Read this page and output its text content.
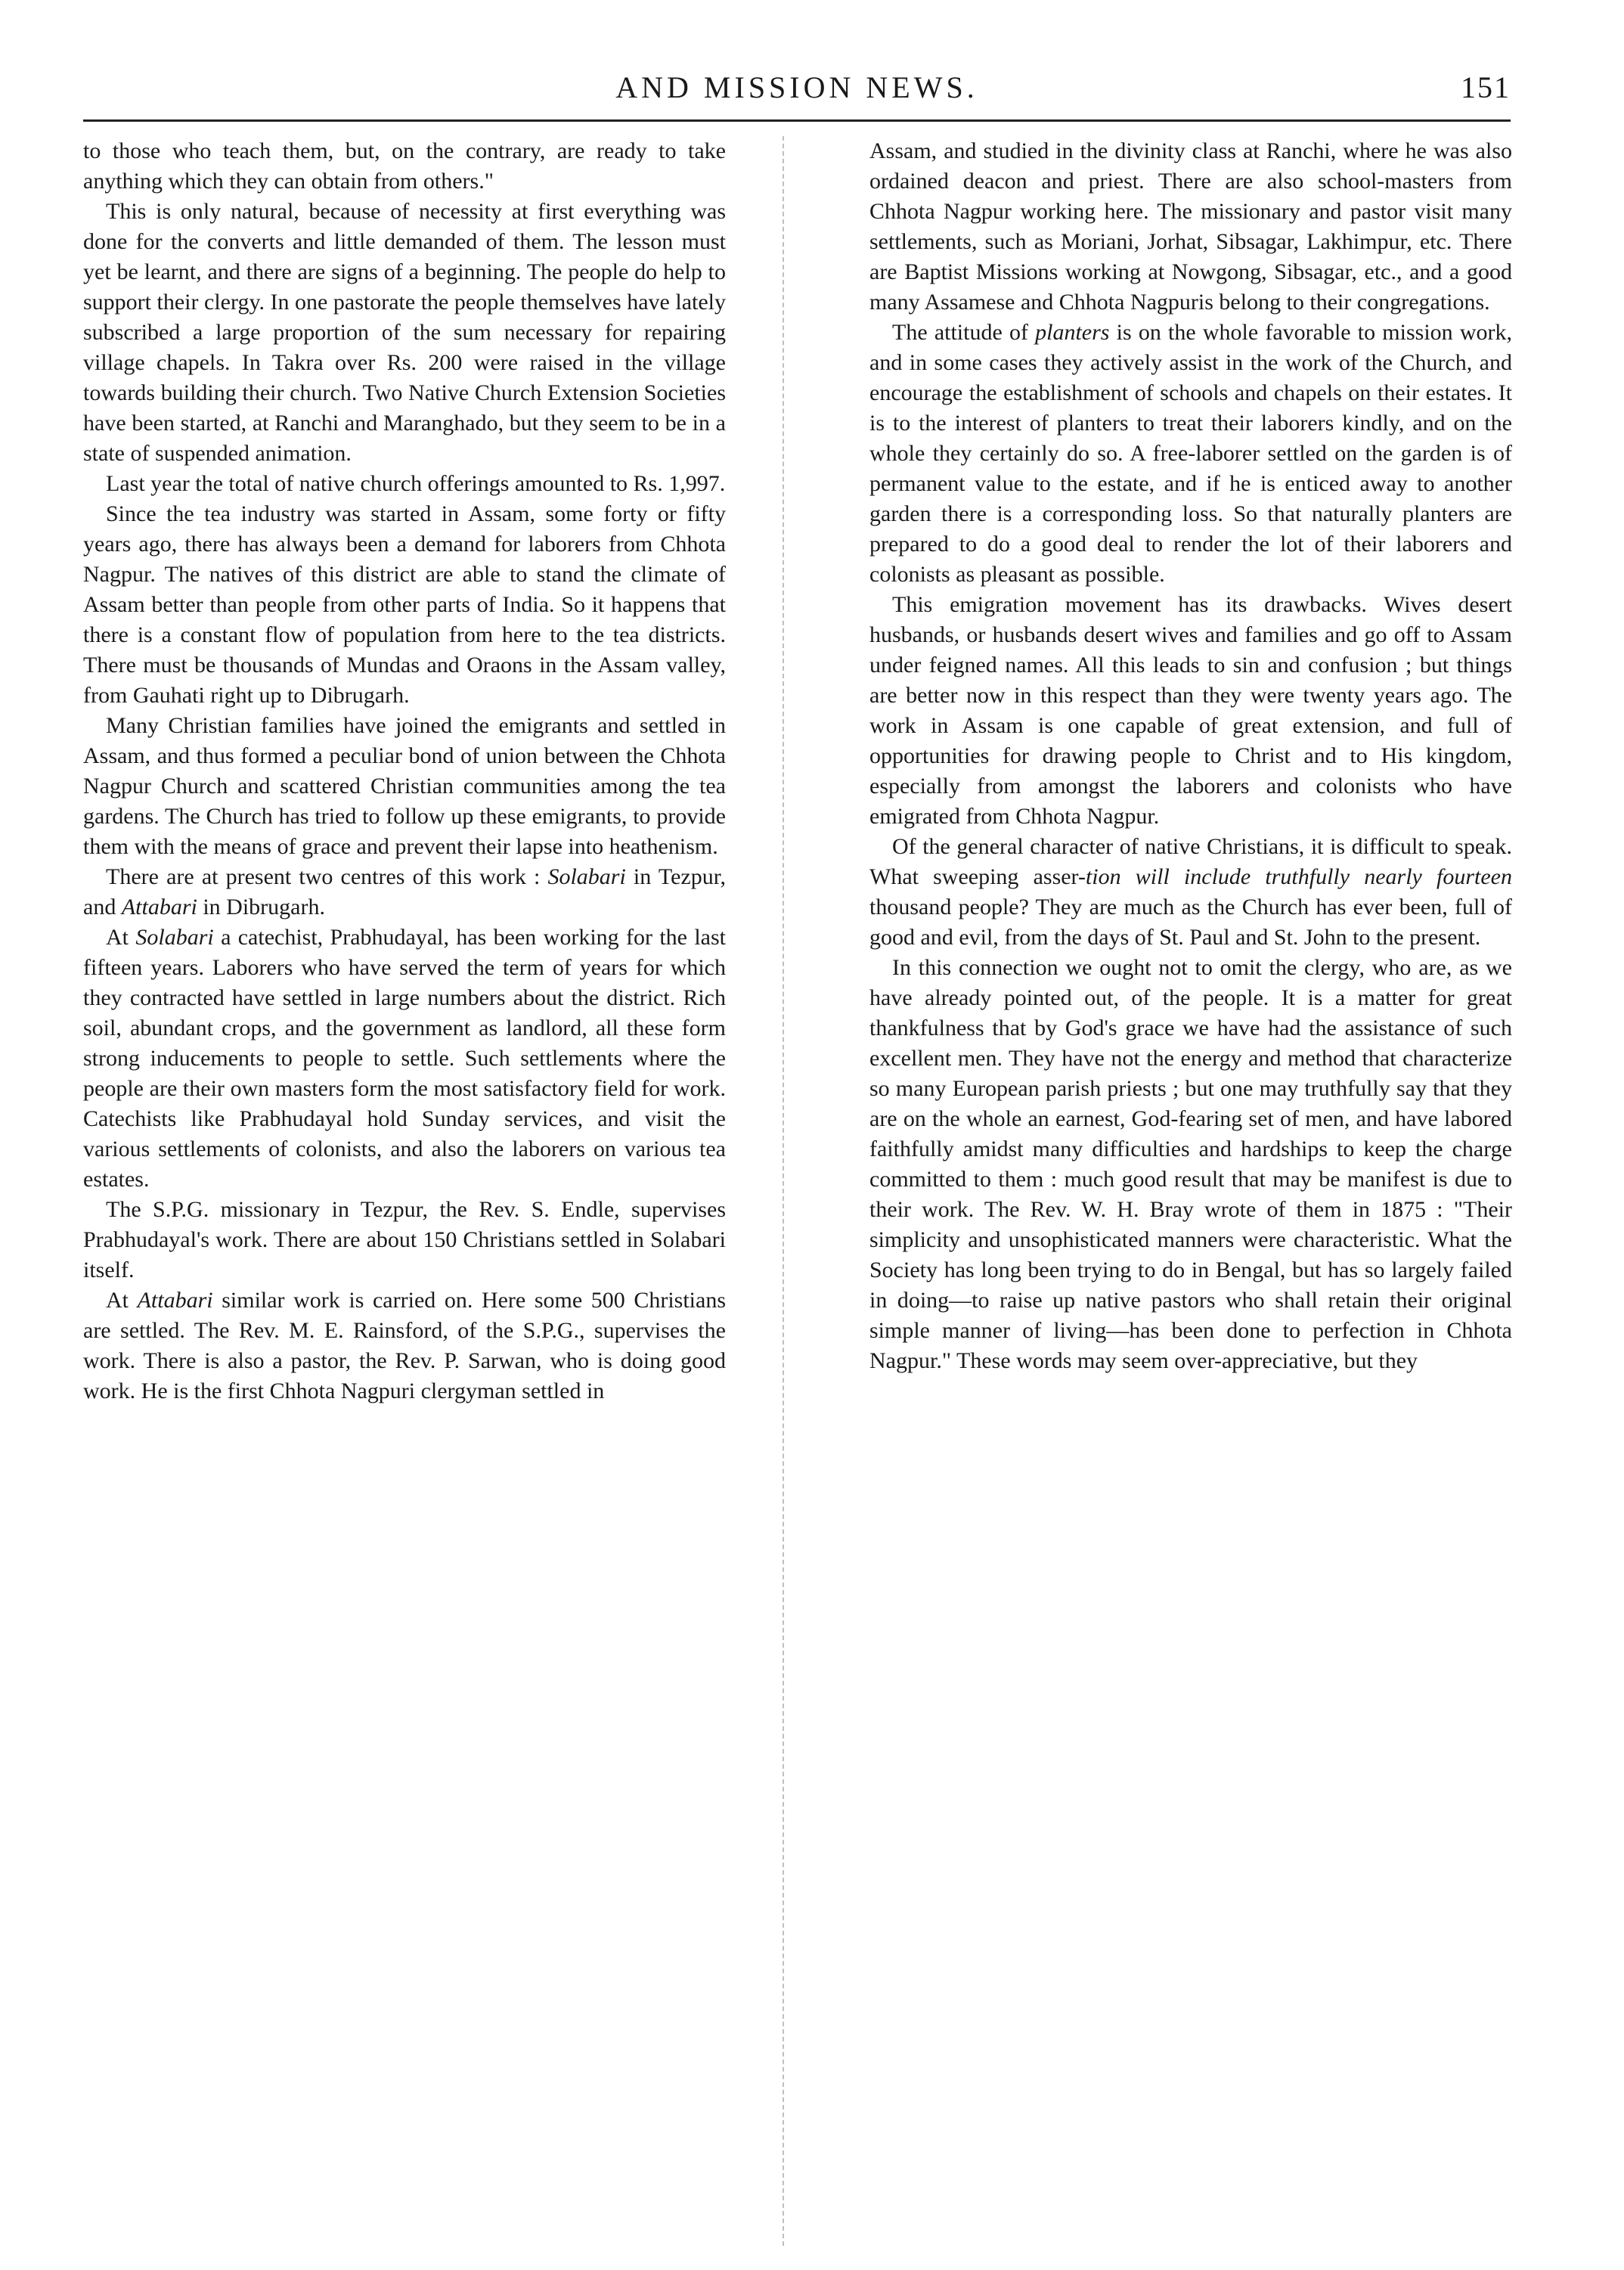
AND MISSION NEWS.	151

to those who teach them, but, on the contrary, are ready to take anything which they can obtain from others."

This is only natural, because of necessity at first everything was done for the converts and little demanded of them. The lesson must yet be learnt, and there are signs of a beginning. The people do help to support their clergy. In one pastorate the people themselves have lately subscribed a large proportion of the sum necessary for repairing village chapels. In Takra over Rs. 200 were raised in the village towards building their church. Two Native Church Extension Societies have been started, at Ranchi and Maranghado, but they seem to be in a state of suspended animation.

Last year the total of native church offerings amounted to Rs. 1,997.

Since the tea industry was started in Assam, some forty or fifty years ago, there has always been a demand for laborers from Chhota Nagpur. The natives of this district are able to stand the climate of Assam better than people from other parts of India. So it happens that there is a constant flow of population from here to the tea districts. There must be thousands of Mundas and Oraons in the Assam valley, from Gauhati right up to Dibrugarh.

Many Christian families have joined the emigrants and settled in Assam, and thus formed a peculiar bond of union between the Chhota Nagpur Church and scattered Christian communities among the tea gardens. The Church has tried to follow up these emigrants, to provide them with the means of grace and prevent their lapse into heathenism.

There are at present two centres of this work : Solabari in Tezpur, and Attabari in Dibrugarh.

At Solabari a catechist, Prabhudayal, has been working for the last fifteen years. Laborers who have served the term of years for which they contracted have settled in large numbers about the district. Rich soil, abundant crops, and the government as landlord, all these form strong inducements to people to settle. Such settlements where the people are their own masters form the most satisfactory field for work. Catechists like Prabhudayal hold Sunday services, and visit the various settlements of colonists, and also the laborers on various tea estates.

The S.P.G. missionary in Tezpur, the Rev. S. Endle, supervises Prabhudayal's work. There are about 150 Christians settled in Solabari itself.

At Attabari similar work is carried on. Here some 500 Christians are settled. The Rev. M. E. Rainsford, of the S.P.G., supervises the work. There is also a pastor, the Rev. P. Sarwan, who is doing good work. He is the first Chhota Nagpuri clergyman settled in

Assam, and studied in the divinity class at Ranchi, where he was also ordained deacon and priest. There are also school-masters from Chhota Nagpur working here. The missionary and pastor visit many settlements, such as Moriani, Jorhat, Sibsagar, Lakhimpur, etc. There are Baptist Missions working at Nowgong, Sibsagar, etc., and a good many Assamese and Chhota Nagpuris belong to their congregations.

The attitude of planters is on the whole favorable to mission work, and in some cases they actively assist in the work of the Church, and encourage the establishment of schools and chapels on their estates. It is to the interest of planters to treat their laborers kindly, and on the whole they certainly do so. A free-laborer settled on the garden is of permanent value to the estate, and if he is enticed away to another garden there is a corresponding loss. So that naturally planters are prepared to do a good deal to render the lot of their laborers and colonists as pleasant as possible.

This emigration movement has its drawbacks. Wives desert husbands, or husbands desert wives and families and go off to Assam under feigned names. All this leads to sin and confusion ; but things are better now in this respect than they were twenty years ago. The work in Assam is one capable of great extension, and full of opportunities for drawing people to Christ and to His kingdom, especially from amongst the laborers and colonists who have emigrated from Chhota Nagpur.

Of the general character of native Christians, it is difficult to speak. What sweeping asser-tion will include truthfully nearly fourteen thousand people? They are much as the Church has ever been, full of good and evil, from the days of St. Paul and St. John to the present.

In this connection we ought not to omit the clergy, who are, as we have already pointed out, of the people. It is a matter for great thankfulness that by God's grace we have had the assistance of such excellent men. They have not the energy and method that characterize so many European parish priests ; but one may truthfully say that they are on the whole an earnest, God-fearing set of men, and have labored faithfully amidst many difficulties and hardships to keep the charge committed to them : much good result that may be manifest is due to their work. The Rev. W. H. Bray wrote of them in 1875 : "Their simplicity and unsophisticated manners were characteristic. What the Society has long been trying to do in Bengal, but has so largely failed in doing—to raise up native pastors who shall retain their original simple manner of living—has been done to perfection in Chhota Nagpur." These words may seem over-appreciative, but they
